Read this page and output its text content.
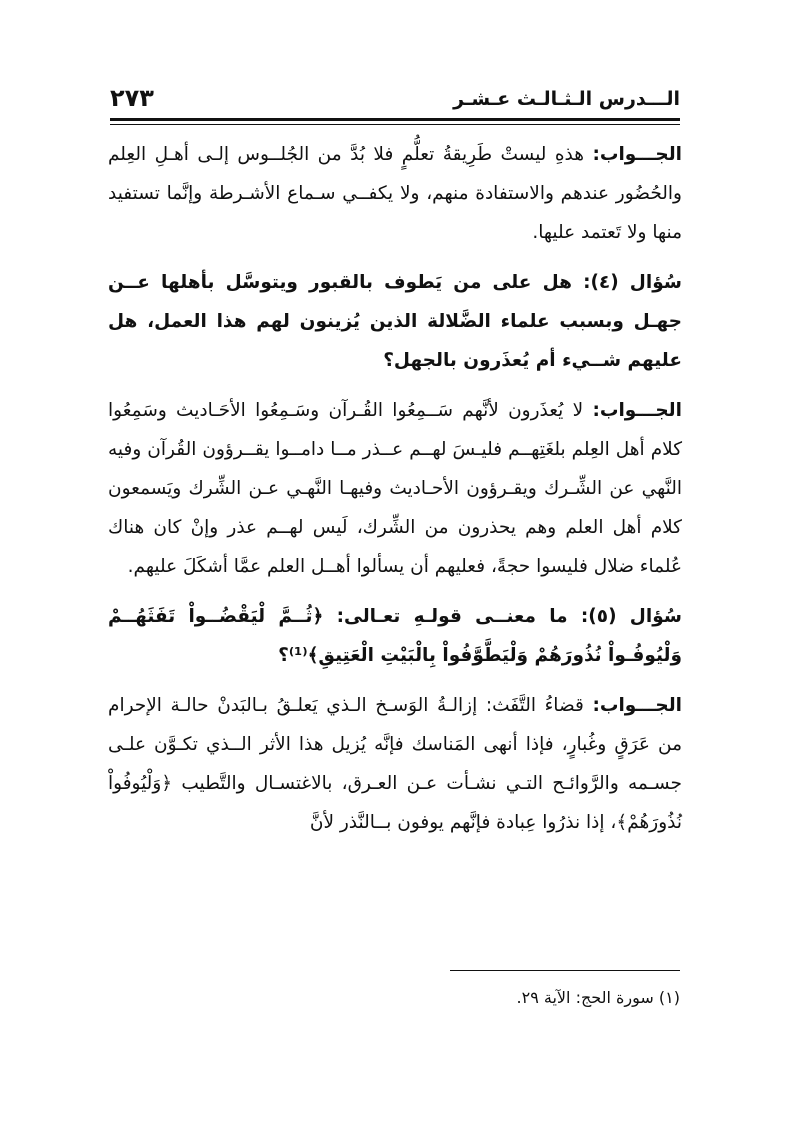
الـــدرس الـثـالـث عـشـر
٢٧٣

الجـــواب: هذهِ ليستْ طَرِيقةُ تعلُّمٍ فلا بُدَّ من الجُلــوس إلـى أهـلِ العِلم والحُضُور عندهم والاستفادة منهم، ولا يكفــي سـماع الأشـرطة وإنَّما تستفيد منها ولا تَعتمد عليها.

سُؤال (٤): هل على من يَطوف بالقبور ويتوسَّل بأهلها عــن جهـل وبسبب علماء الضَّلالة الذين يُزينون لهم هذا العمل، هل عليهم شــيء أم يُعذَرون بالجهل؟

الجـــواب: لا يُعذَرون لأنَّهم سَــمِعُوا القُـرآن وسَـمِعُوا الأحَـاديث وسَمِعُوا كلام أهل العِلم بلغَتِهــم فليـسَ لهــم عــذر مــا دامــوا يقــرؤون القُرآن وفيه النَّهي عن الشِّـرك ويقـرؤون الأحـاديث وفيهـا النَّهـي عـن الشِّرك ويَسمعون كلام أهل العلم وهم يحذرون من الشِّرك، لَيس لهــم عذر وإنْ كان هناك عُلماء ضلال فليسوا حجةً، فعليهم أن يسألوا أهــل العلم عمَّا أشكَلَ عليهم.

سُؤال (٥): ما معنــى قولـهِ تعـالى: ﴿ثُــمَّ لْيَقْضُــواْ تَفَثَهُــمْ وَلْيُوفُـواْ نُذُورَهُمْ وَلْيَطَّوَّفُواْ بِالْبَيْتِ الْعَتِيقِ﴾⁽¹⁾؟

الجـــواب: قضاءُ التَّفَث: إزالـةُ الوَسـخ الـذي يَعلـقُ بـالبَدنْ حالـة الإحرام من عَرَقٍ وغُبارٍ، فإذا أنهى المَناسك فإنَّه يُزيل هذا الأثر الــذي تكـوَّن علـى جسـمه والرَّوائـح التـي نشـأت عـن العـرق، بالاغتسـال والتَّطيب ﴿وَلْيُوفُواْ نُذُورَهُمْ﴾، إذا نذرُوا عِبادة فإنَّهم يوفون بــالنَّذر لأنَّ

(١) سورة الحج: الآية ٢٩.
